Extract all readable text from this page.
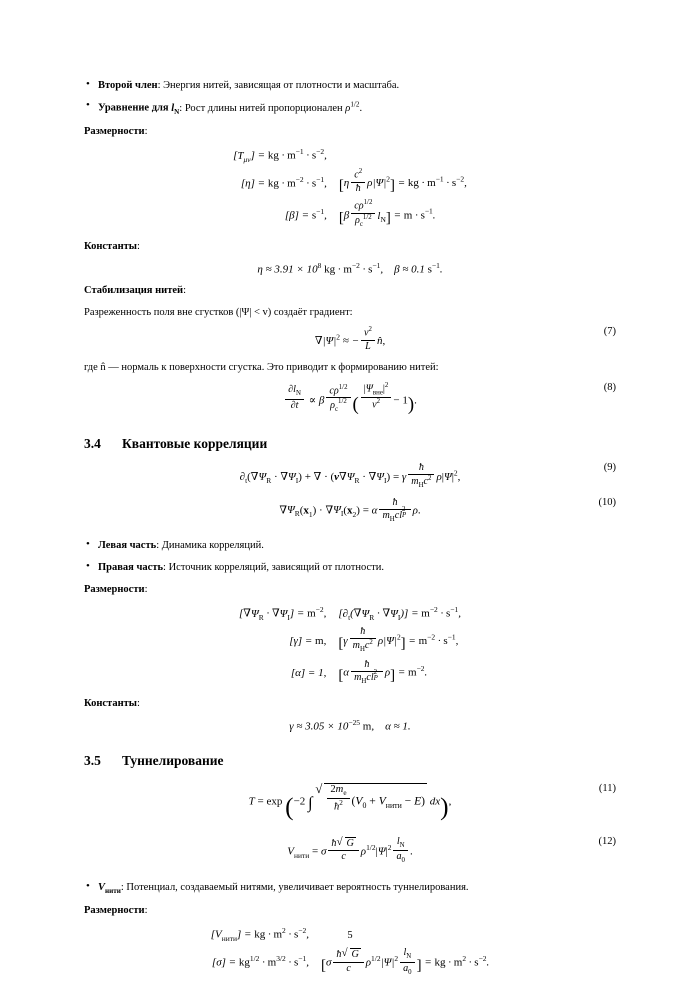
• Второй член: Энергия нитей, зависящая от плотности и масштаба.
• Уравнение для $l_N$: Рост длины нитей пропорционален $\rho^{1/2}$.
Размерности:
$[T_{\mu\nu}]$ = kg · $m^{-1} \cdot s^{-2}$,	
[η] = kg · $m^{-2} \cdot s^{-1}$,	$[\eta \frac{c^2}{ħ} \rho|\Psi|^2]$ = kg · $m^{-1} \cdot s^{-2}$,
$[\beta] = s^{-1}$,	$[\beta \frac{c\rho^{1/2}}{\rho_c^{1/2}} l_N] = m \cdot s^{-1}$.
Константы:
$\eta \approx 3.91 \times 10^8$ kg · $m^{-2} \cdot s^{-1}$,    β ≈ 0.1 $s^{-1}$.
Стабилизация нитей:
Разреженность поля вне сгустков (|Ψ| < v) создаёт градиент:
$\nabla|\Psi|^2$ ≈ − $\frac{v^2}{L}$ n̂,
(7)
где n̂ — нормаль к поверхности сгустка. Это приводит к формированию нитей:
$\frac{\partial l_N}{\partial t} \propto \beta \frac{c\rho^{1/2}}{\rho_c^{1/2}}$ ( $\frac{|\Psi_{вне}|^2}{v^2} - 1$).
(8)
3.4 Квантовые корреляции
$\partial_t(\nabla\Psi_R \cdot \nabla\Psi_I)$ + ∇ · $(v\nabla\Psi_R \cdot \nabla\Psi_I) = \gamma \frac{ħ}{m_Hc^2} \rho|\Psi|^2$,
(9)
$\nabla\Psi_R(x_1) \cdot \nabla\Psi_I(x_2) = \alpha$ ħ
$m_Hcl$ 2
P ρ.
(10)
• Левая часть: Динамика корреляций.
• Правая часть: Источник корреляций, зависящий от плотности.
Размерности:
$[\nabla\Psi_R \cdot \nabla\Psi_I] = m^{-2}$,	$[\partial_t(\nabla\Psi_R \cdot \nabla\Psi_I)] = m^{-2} \cdot s^{-1}$,
[γ] = m,	$[\gamma \frac{ħ}{m_Hc^2} \rho|\Psi|^2] = m^{-2} \cdot s^{-1}$,
[α] = 1,	[α ħ
$m_Hcl$ 2
P $\rho] = m^{-2}$.
Константы:
$\gamma \approx 3.05 \times 10^{-25}$ m,    α ≈ 1.
3.5 Туннелирование
T = exp (−2 ∫ √ $\frac{2m_e}{ħ^2} (V_0 + V_{нити} - E)$ dx),
(11)
$V_{нити} = \sigma \frac{ħ √ G}{c} \rho^{1/2}|\Psi|^2 \frac{l_N}{a_0}$ .
(12)
• $V_{нити}$: Потенциал, создаваемый нитями, увеличивает вероятность туннелирования.
Размерности:
$[V_{нити}]$ = kg · $m^2 \cdot s^{-2}$,	
$[\sigma] = kg^{1/2} \cdot m^{3/2} \cdot s^{-1}$,	[$\sigma \frac{ħ √ G}{c} \rho^{1/2}|\Psi|^2 \frac{l_N}{a_0}$ ] = kg · $m^2 \cdot s^{-2}$.
5
